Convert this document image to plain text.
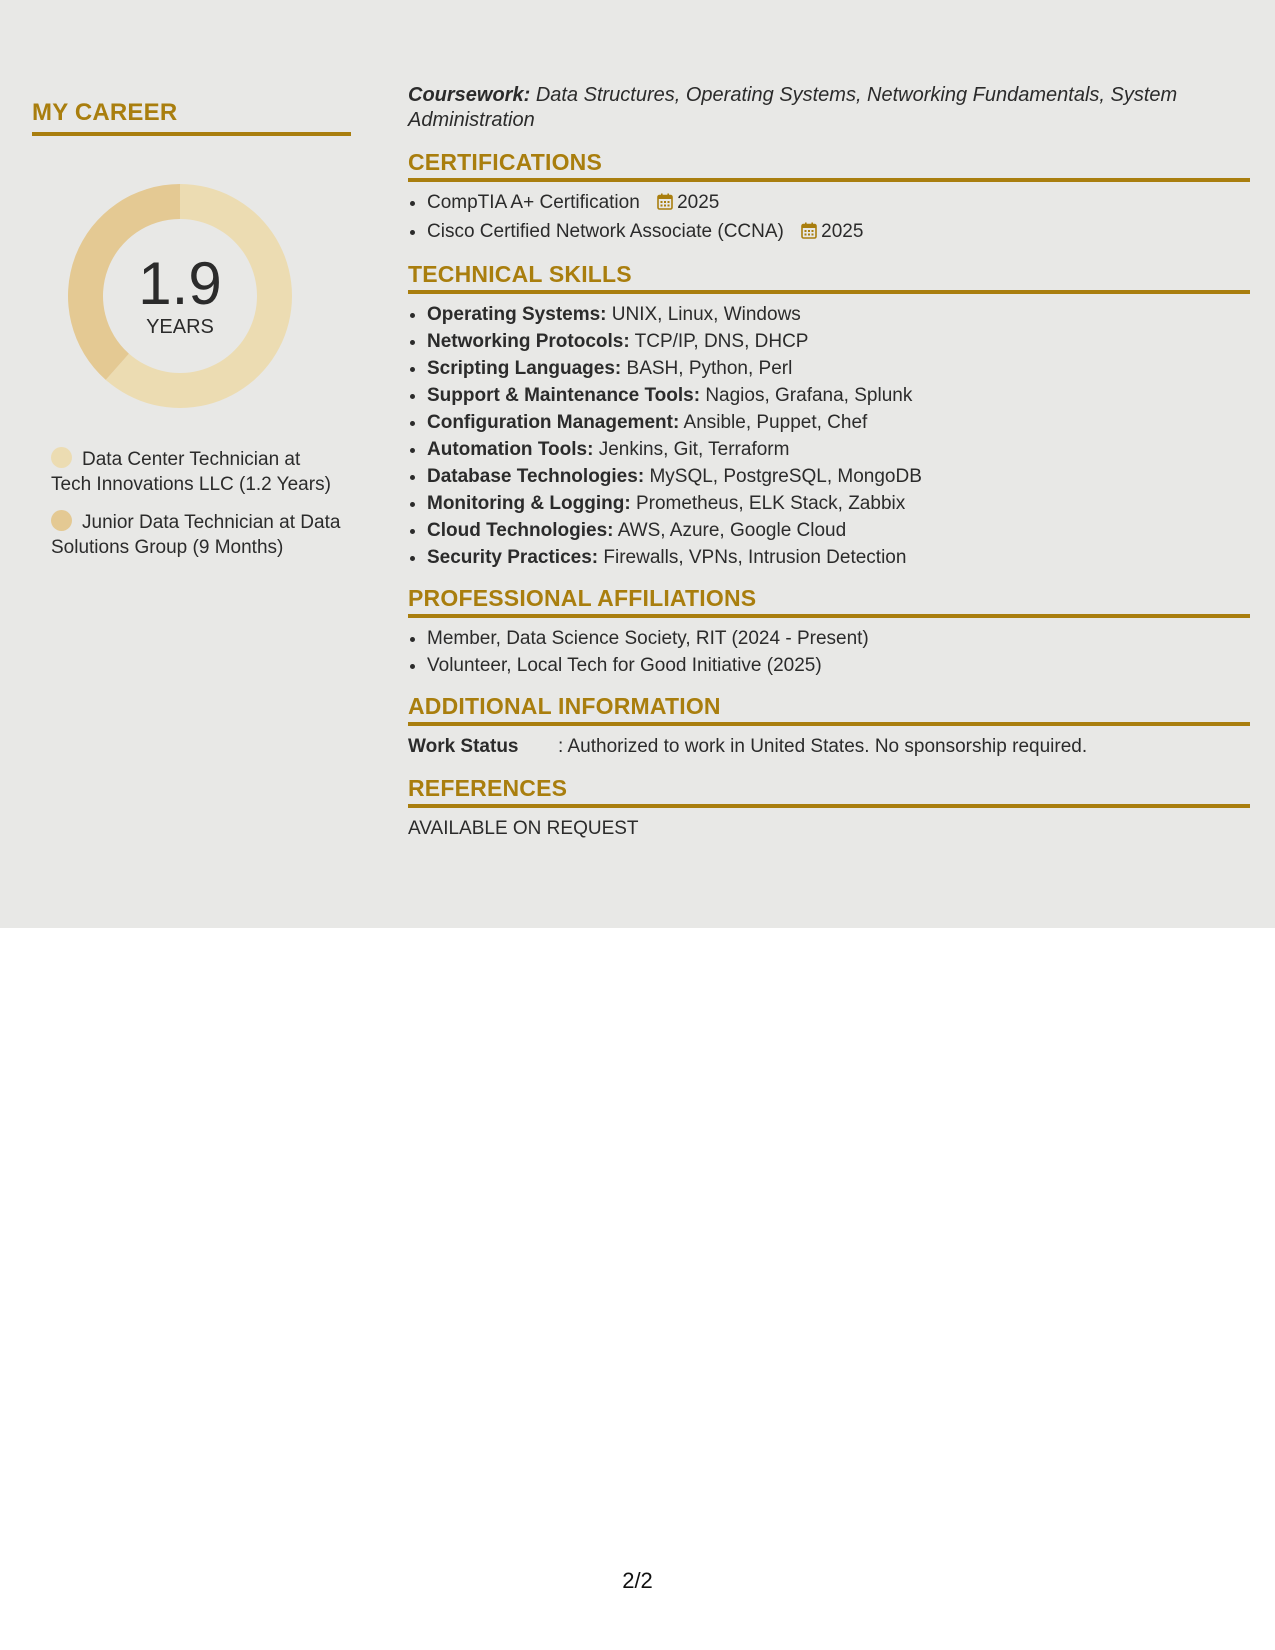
MY CAREER
1.9
YEARS
Data Center Technician at Tech Innovations LLC (1.2 Years)
Junior Data Technician at Data Solutions Group (9 Months)

Coursework: Data Structures, Operating Systems, Networking Fundamentals, System Administration

CERTIFICATIONS
• CompTIA A+ Certification 2025
• Cisco Certified Network Associate (CCNA) 2025
TECHNICAL SKILLS
• Operating Systems: UNIX, Linux, Windows
• Networking Protocols: TCP/IP, DNS, DHCP
• Scripting Languages: BASH, Python, Perl
• Support & Maintenance Tools: Nagios, Grafana, Splunk
• Configuration Management: Ansible, Puppet, Chef
• Automation Tools: Jenkins, Git, Terraform
• Database Technologies: MySQL, PostgreSQL, MongoDB
• Monitoring & Logging: Prometheus, ELK Stack, Zabbix
• Cloud Technologies: AWS, Azure, Google Cloud
• Security Practices: Firewalls, VPNs, Intrusion Detection
PROFESSIONAL AFFILIATIONS
• Member, Data Science Society, RIT (2024 - Present)
• Volunteer, Local Tech for Good Initiative (2025)
ADDITIONAL INFORMATION
Work Status : Authorized to work in United States. No sponsorship required.
REFERENCES
AVAILABLE ON REQUEST
2/2
